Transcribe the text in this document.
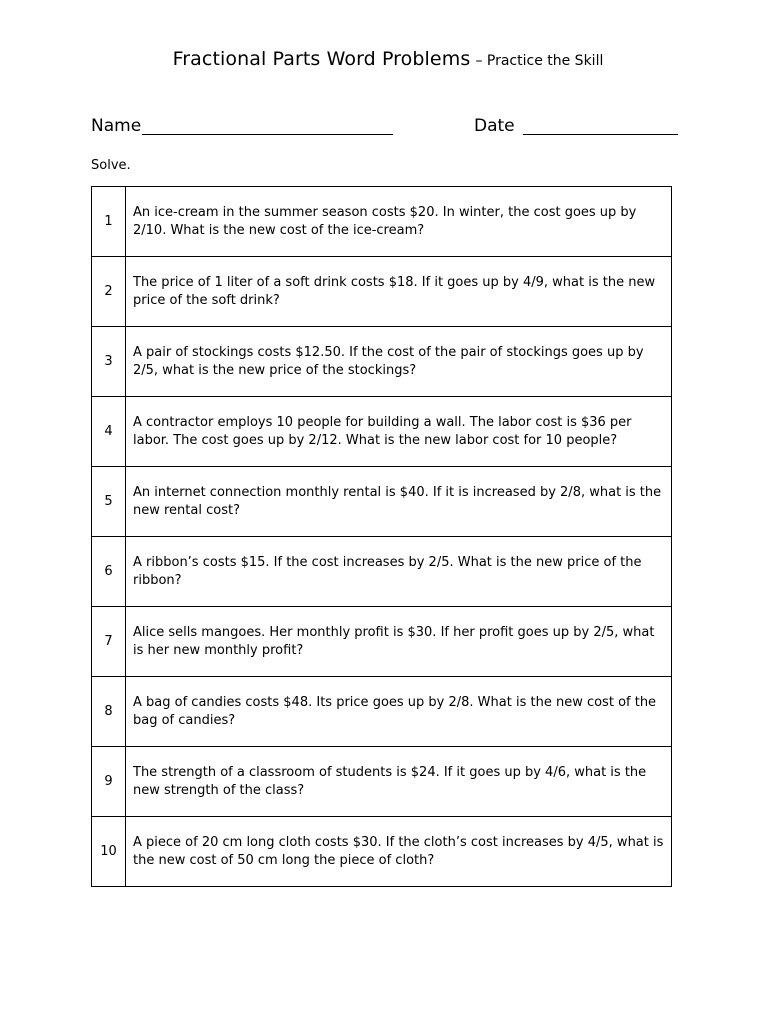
Fractional Parts Word Problems – Practice the Skill
Name	Date
Solve.
1	An ice-cream in the summer season costs $20. In winter, the cost goes up by 2/10. What is the new cost of the ice-cream?
2	The price of 1 liter of a soft drink costs $18. If it goes up by 4/9, what is the new price of the soft drink?
3	A pair of stockings costs $12.50. If the cost of the pair of stockings goes up by 2/5, what is the new price of the stockings?
4	A contractor employs 10 people for building a wall. The labor cost is $36 per labor. The cost goes up by 2/12. What is the new labor cost for 10 people?
5	An internet connection monthly rental is $40. If it is increased by 2/8, what is the new rental cost?
6	A ribbon’s costs $15. If the cost increases by 2/5. What is the new price of the ribbon?
7	Alice sells mangoes. Her monthly profit is $30. If her profit goes up by 2/5, what is her new monthly profit?
8	A bag of candies costs $48. Its price goes up by 2/8. What is the new cost of the bag of candies?
9	The strength of a classroom of students is $24. If it goes up by 4/6, what is the new strength of the class?
10	A piece of 20 cm long cloth costs $30. If the cloth’s cost increases by 4/5, what is the new cost of 50 cm long the piece of cloth?
